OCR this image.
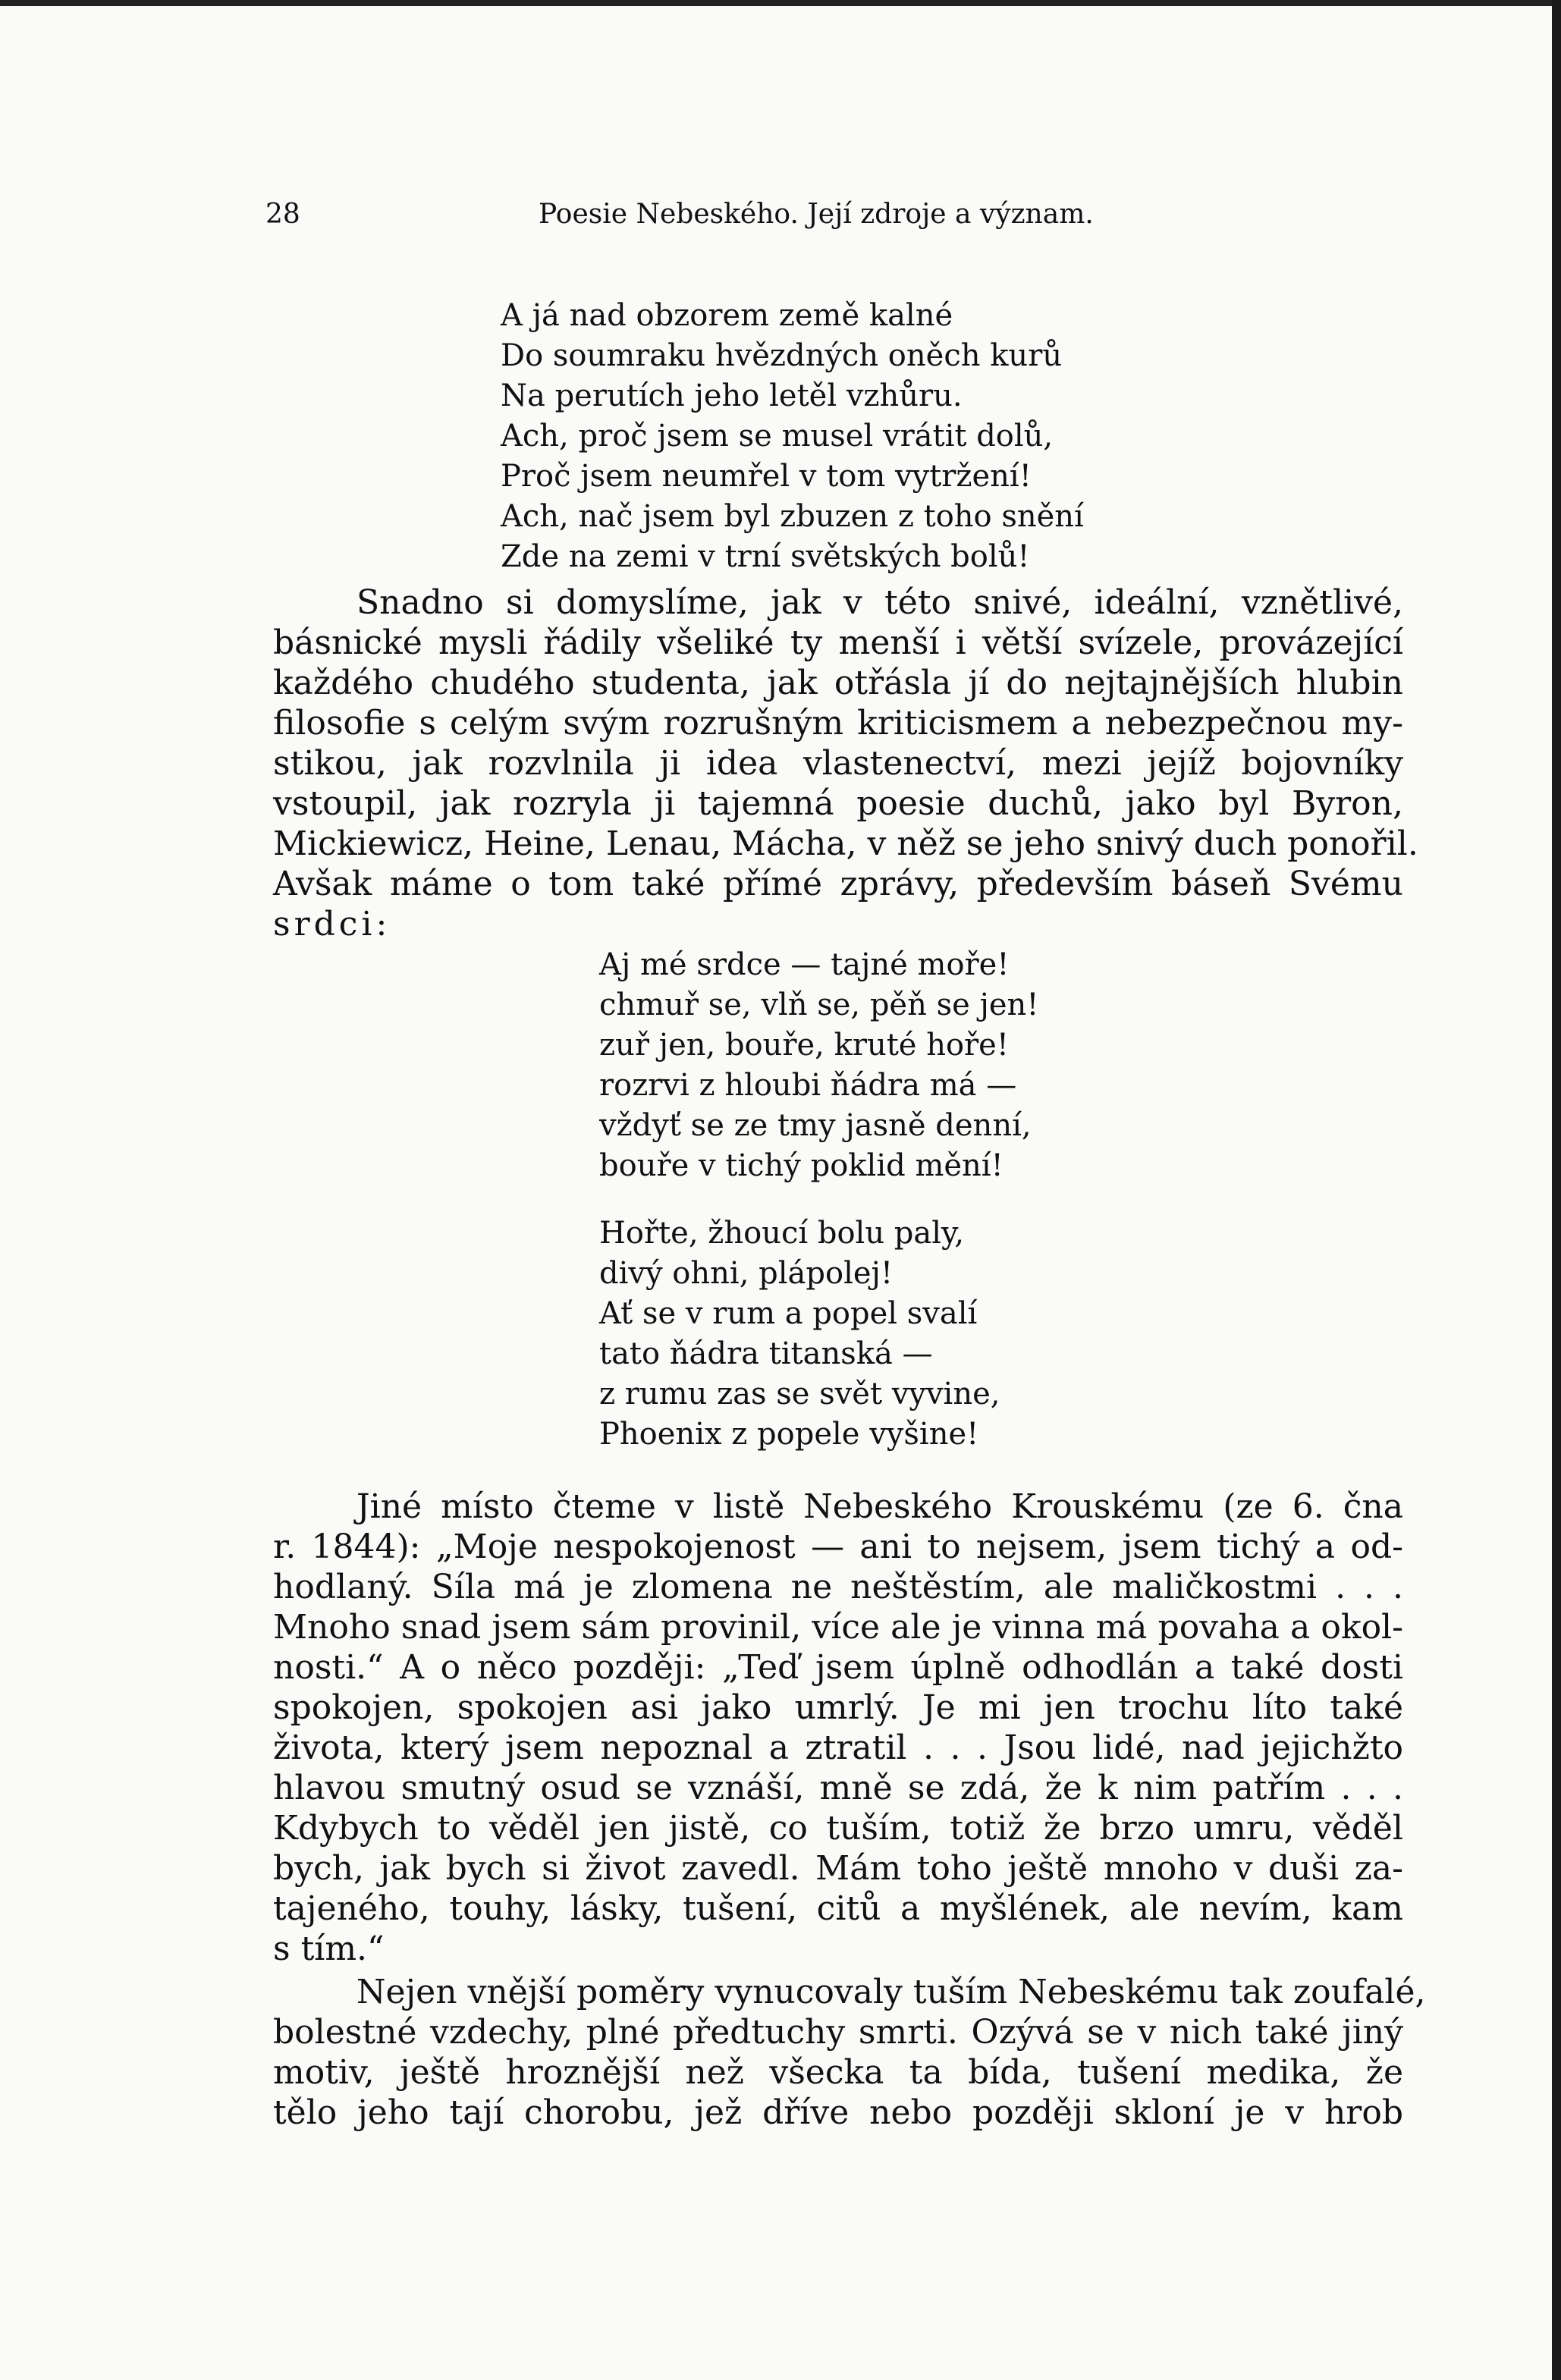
28	Poesie Nebeského. Její zdroje a význam.
A já nad obzorem země kalné
Do soumraku hvězdných oněch kurů
Na perutích jeho letěl vzhůru.
Ach, proč jsem se musel vrátit dolů,
Proč jsem neumřel v tom vytržení!
Ach, nač jsem byl zbuzen z toho snění
Zde na zemi v trní světských bolů!
Snadno si domyslíme, jak v této snivé, ideální, vznětlivé,
básnické mysli řádily všeliké ty menší i větší svízele, provázející
každého chudého studenta, jak otřásla jí do nejtajnějších hlubin
filosofie s celým svým rozrušným kriticismem a nebezpečnou my-
stikou, jak rozvlnila ji idea vlastenectví, mezi jejíž bojovníky
vstoupil, jak rozryla ji tajemná poesie duchů, jako byl Byron,
Mickiewicz, Heine, Lenau, Mácha, v něž se jeho snivý duch ponořil.
Avšak máme o tom také přímé zprávy, především báseň Svému
srdci:
Aj mé srdce — tajné moře!
chmuř se, vlň se, pěň se jen!
zuř jen, bouře, kruté hoře!
rozrvi z hloubi ňádra má —
vždyť se ze tmy jasně denní,
bouře v tichý poklid mění!
Hořte, žhoucí bolu paly,
divý ohni, plápolej!
Ať se v rum a popel svalí
tato ňádra titanská —
z rumu zas se svět vyvine,
Phoenix z popele vyšine!
Jiné místo čteme v listě Nebeského Krouskému (ze 6. čna
r. 1844): „Moje nespokojenost — ani to nejsem, jsem tichý a od-
hodlaný. Síla má je zlomena ne neštěstím, ale maličkostmi . . .
Mnoho snad jsem sám provinil, více ale je vinna má povaha a okol-
nosti.“ A o něco později: „Teď jsem úplně odhodlán a také dosti
spokojen, spokojen asi jako umrlý. Je mi jen trochu líto také
života, který jsem nepoznal a ztratil . . . Jsou lidé, nad jejichžto
hlavou smutný osud se vznáší, mně se zdá, že k nim patřím . . .
Kdybych to věděl jen jistě, co tuším, totiž že brzo umru, věděl
bych, jak bych si život zavedl. Mám toho ještě mnoho v duši za-
tajeného, touhy, lásky, tušení, citů a myšlének, ale nevím, kam
s tím.“
Nejen vnější poměry vynucovaly tuším Nebeskému tak zoufalé,
bolestné vzdechy, plné předtuchy smrti. Ozývá se v nich také jiný
motiv, ještě hroznější než všecka ta bída, tušení medika, že
tělo jeho tají chorobu, jež dříve nebo později skloní je v hrob
